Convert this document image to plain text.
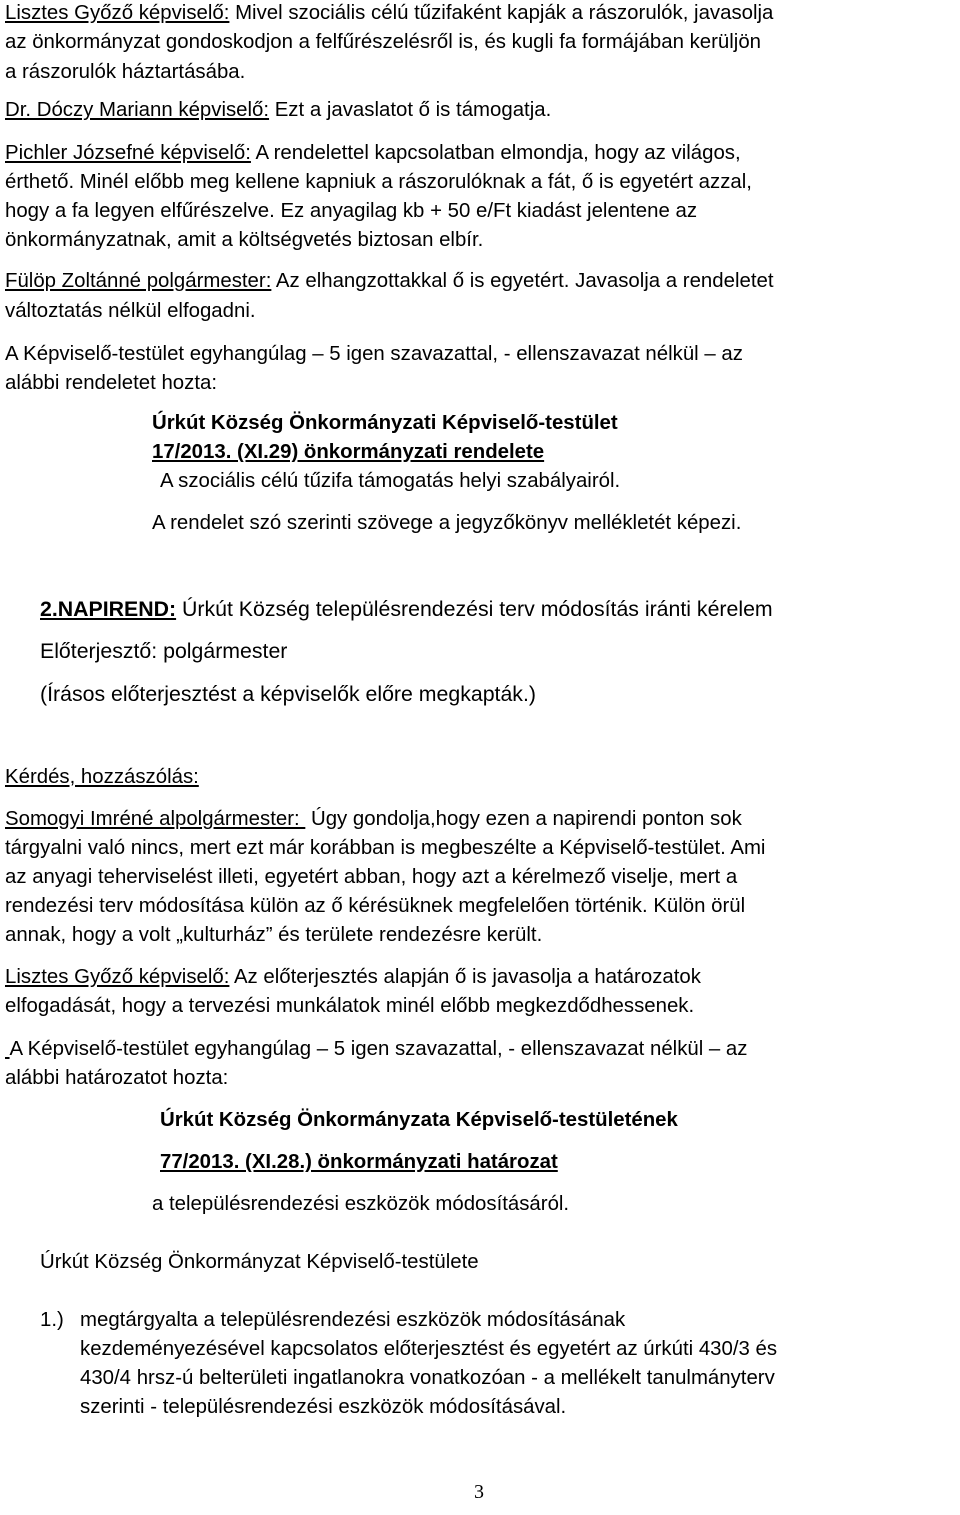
Lisztes Győző képviselő: Mivel szociális célú tűzifaként kapják a rászorulók, javasolja

az önkormányzat gondoskodjon a felfűrészelésről is, és kugli fa formájában kerüljön

a rászorulók háztartásába.

Dr. Dóczy Mariann képviselő: Ezt a javaslatot ő is támogatja.

Pichler Józsefné képviselő: A rendelettel kapcsolatban elmondja, hogy az világos,

érthető. Minél előbb meg kellene kapniuk a rászorulóknak a fát, ő is egyetért azzal,

hogy a fa legyen elfűrészelve. Ez anyagilag kb + 50 e/Ft kiadást jelentene az

önkormányzatnak, amit a költségvetés biztosan elbír.

Fülöp Zoltánné polgármester: Az elhangzottakkal ő is egyetért. Javasolja a rendeletet

változtatás nélkül elfogadni.

A Képviselő-testület egyhangúlag – 5 igen szavazattal, - ellenszavazat nélkül – az

alábbi rendeletet hozta:

Úrkút Község Önkormányzati Képviselő-testület

17/2013. (XI.29) önkormányzati rendelete

A szociális célú tűzifa támogatás helyi szabályairól.

A rendelet szó szerinti szövege a jegyzőkönyv mellékletét képezi.

2.NAPIREND: Úrkút Község településrendezési terv módosítás iránti kérelem

Előterjesztő: polgármester

(Írásos előterjesztést a képviselők előre megkapták.)

Kérdés, hozzászólás:

Somogyi Imréné alpolgármester:  Úgy gondolja,hogy ezen a napirendi ponton sok

tárgyalni való nincs, mert ezt már korábban is megbeszélte a Képviselő-testület. Ami

az anyagi teherviselést illeti, egyetért abban, hogy azt a kérelmező viselje, mert a

rendezési terv módosítása külön az ő kérésüknek megfelelően történik. Külön örül

annak, hogy a volt „kulturház” és területe rendezésre került.

Lisztes Győző képviselő: Az előterjesztés alapján ő is javasolja a határozatok

elfogadását, hogy a tervezési munkálatok minél előbb megkezdődhessenek.

A Képviselő-testület egyhangúlag – 5 igen szavazattal, - ellenszavazat nélkül – az

alábbi határozatot hozta:

Úrkút Község Önkormányzata Képviselő-testületének

77/2013. (XI.28.) önkormányzati határozat

a településrendezési eszközök módosításáról.

Úrkút Község Önkormányzat Képviselő-testülete

1.) megtárgyalta a településrendezési eszközök módosításának

kezdeményezésével kapcsolatos előterjesztést és egyetért az úrkúti 430/3 és

430/4 hrsz-ú belterületi ingatlanokra vonatkozóan - a mellékelt tanulmányterv

szerinti - településrendezési eszközök módosításával.

3
